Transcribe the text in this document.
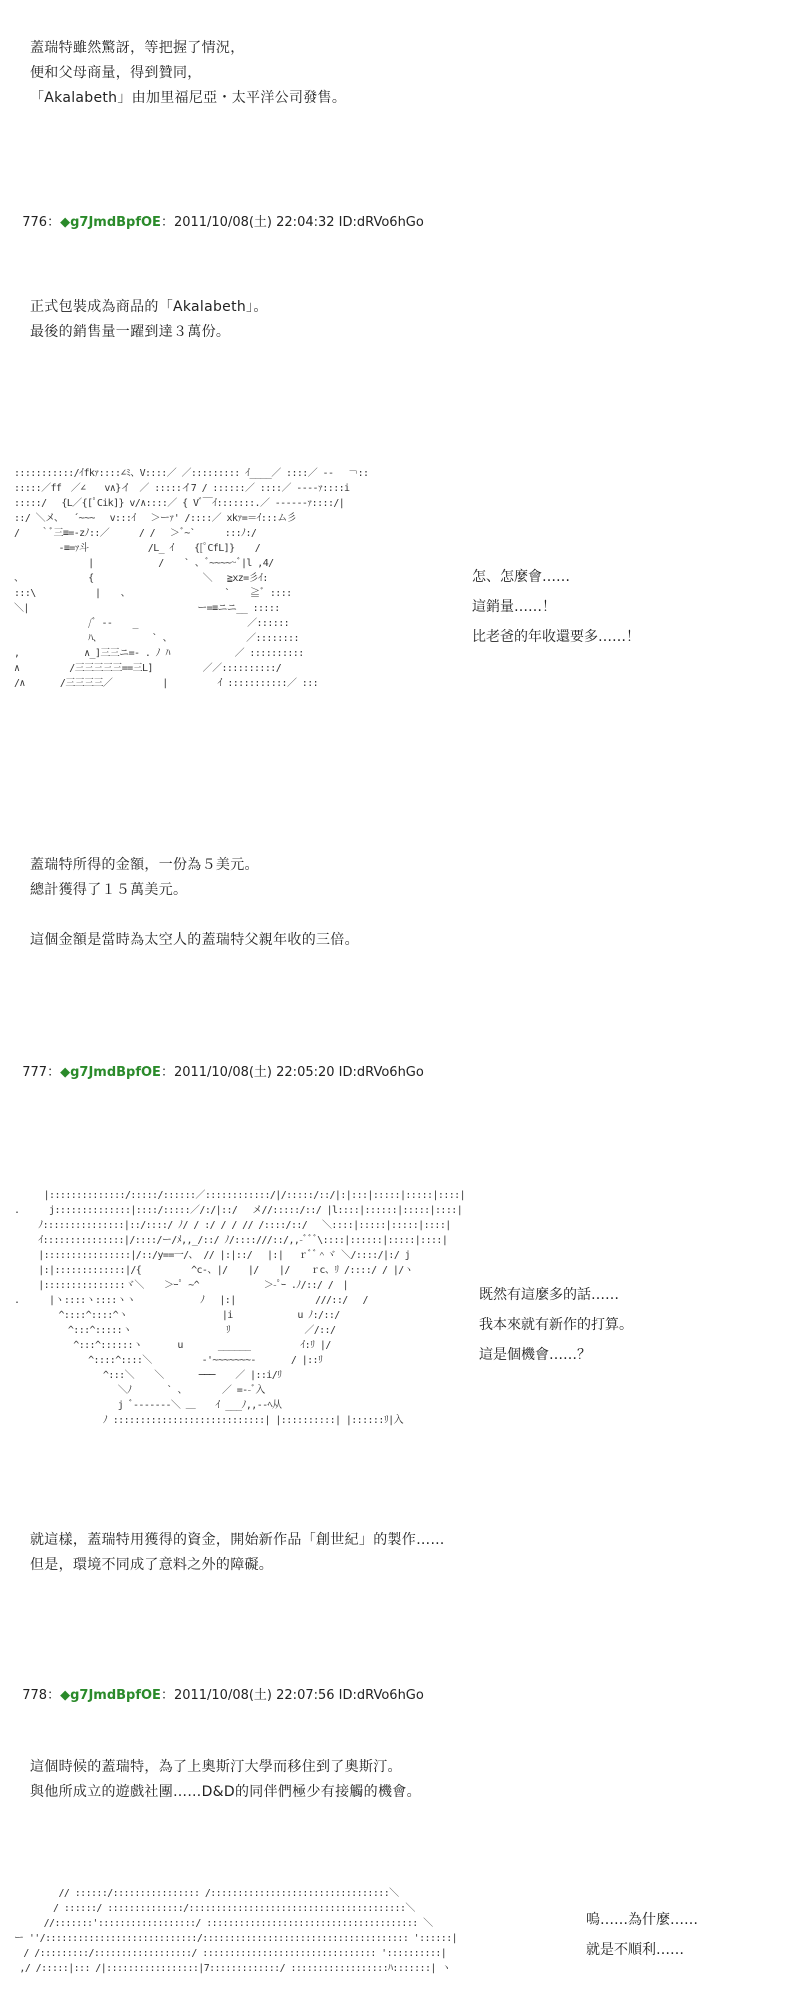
蓋瑞特雖然驚訝，等把握了情況，
便和父母商量，得到贊同，
「Akalabeth」由加里福尼亞・太平洋公司發售。

776：◆g7JmdBpfOE：2011/10/08(土) 22:04:32 ID:dRVo6hGo

正式包裝成為商品的「Akalabeth」。
最後的銷售量一躍到達３萬份。
:::::::::::/ｲfkｧ::::∠ﾐ、V::::／ ／::::::::: ｲ____／ ::::／ -‐　 ￢::
:::::／ff　／∠　　v∧}イ　／ :::::イ7 / ::::::／ ::::／ ----ｧ::::i
:::::/ 　{L／{[ﾟCik]} v/∧::::／ { Vﾞ￣ｲ:::::::.／ ------ｧ::::/|
::/ ＼メ、　 ´~~~　 v:::ｲ 　＞ーｧ' /::::／ xkｧ=＝ｲ:::ム彡
/ 　 ｀ﾞ三≡=‐zﾉ::／ 　　 / / 　＞ﾞ~` 　　 :::ﾉ:/
　 　 　 -≡=ｧ斗 　 　 　 　/L_ ｲ 　 {[ﾟCfL]} 　 /
　 　 　 　 　 | 　 　 　 　 / 　 ` 、ﾞ~~~~~ﾞ|l ,4/
、 　 　 　 　 { 　 　 　 　 　 　 　 ＼ 　≧xz=彡ｲ:
:::\ 　 　 　 　| 　 、 　 　 　 　 　 　 ` 　 ≧ﾞ ::::
＼| 　 　 　 　 　 　 　 　 　 　 　 ー=≡ニニ__ :::::
　 　 　 　 　 /ﾞ ‐‐ 　 _ 　 　 　 　 　 　 　 ／::::::
　 　 　 　 　 ﾊ、 　 　 　 ` 、 　 　 　 　 　／::::::::
, 　 　 　 　 ∧_]三三ニ=- . ﾉ ﾊ 　 　 　 　 ／ ::::::::::
∧ 　 　 　 /三三三三三==三L] 　 　 　 ／／::::::::::/
/∧ 　 　 /三三三三／ 　 　 　 | 　 　 　 ｲ :::::::::::／ :::
怎、怎麼會……
這銷量……！
比老爸的年收還要多……！
蓋瑞特所得的金額，一份為５美元。
總計獲得了１５萬美元。

這個金額是當時為太空人的蓋瑞特父親年收的三倍。

777：◆g7JmdBpfOE：2011/10/08(土) 22:05:20 ID:dRVo6hGo

　 　 |::::::::::::::/:::::/::::::／::::::::::::/|/:::::/::/|:|:::|:::::|:::::|::::|
.　 　 j::::::::::::::|::::/:::::／/:/|::/ 　メ//:::::/::/ |l::::|::::::|:::::|::::|
　　 ﾉ:::::::::::::::|::/::::/ ﾉ/ / :/ / / // /::::/::/ 　＼::::|:::::|:::::|::::|
　　 ｲ:::::::::::::::|/::::/ー/ﾒ,,_/::/ ﾉ/::::///::/,,-ﾞﾞﾞ\::::|::::::|:::::|::::|
　　 |::::::::::::::::|/::/y==一/、 // |:|::/ 　|:| 　ｒﾞﾞ＾ヾ ＼/::::/|:/ j
　　 |:|:::::::::::::|/{ 　 　 　 ^c-、|/ 　 |/ 　 |/ 　 ｒc、ﾘ /::::/ / |/ヽ
　　 |:::::::::::::::ヾ＼ 　 ＞ｰﾟ ~^ 　 　 　 　 ＞-ﾟｰ .ﾉ/::/ /　|
.　 　 |ヽ::::ヽ::::ヽヽ 　 　 　 　 ﾉ 　|:| 　 　 　 　 　 ///::/ 　/
　 　 　 ^::::^::::^ヽ 　 　 　 　 　 　 |i 　 　 　 　 u ﾉ:/::/
　 　 　 　^:::^:::::ヽ 　 　 　 　 　 　 ﾘ 　 　 　 　 　／/::/
　 　 　 　 ^:::^::::::ヽ 　 　 u 　 　 ______ 　 　 　 ｲ:ﾘ |/
　 　 　 　 　 ^::::^::::＼ 　 　 　 -'~~~~~~~- 　 　 / |::ﾘ
　 　 　 　 　 　 ^:::＼ 　 ＼ 　 　 ─── 　 ／ |::i/ﾘ
　 　 　 　 　 　 　 ＼ﾉ 　 　 ` 、 　 　 ／ =--ﾞ入
　 　 　 　 　 　 　 j ﾞ-------＼ ＿ 　 ｲ ___ﾉ,,--ﾍ从
　 　 　 　 　 　 ﾉ ::::::::::::::::::::::::::::| |::::::::::| |::::::ﾘ|入
既然有這麼多的話……
我本來就有新作的打算。
這是個機會……？
就這樣，蓋瑞特用獲得的資金，開始新作品「創世紀」的製作……
但是，環境不同成了意料之外的障礙。

778：◆g7JmdBpfOE：2011/10/08(土) 22:07:56 ID:dRVo6hGo

這個時候的蓋瑞特，為了上奧斯汀大學而移住到了奧斯汀。
與他所成立的遊戲社團……D&D的同伴們極少有接觸的機會。
　 　 　 // ::::::/:::::::::::::::: /:::::::::::::::::::::::::::::::::＼
　 　 　/ ::::::/ ::::::::::::::/::::::::::::::::::::::::::::::::::::::::＼
　 　 //:::::::'::::::::::::::::::/ ::::::::::::::::::::::::::::::::::::::: ＼
ー ''/::::::::::::::::::::::::::::/:::::::::::::::::::::::::::::::::::::: '::::::|
　/ /:::::::::/::::::::::::::::::/ :::::::::::::::::::::::::::::::: '::::::::::|
,/ /:::::|::: /|:::::::::::::::::|7:::::::::::::/ ::::::::::::::::::ﾊ:::::::| ヽ
嗚……為什麼……
就是不順利……
